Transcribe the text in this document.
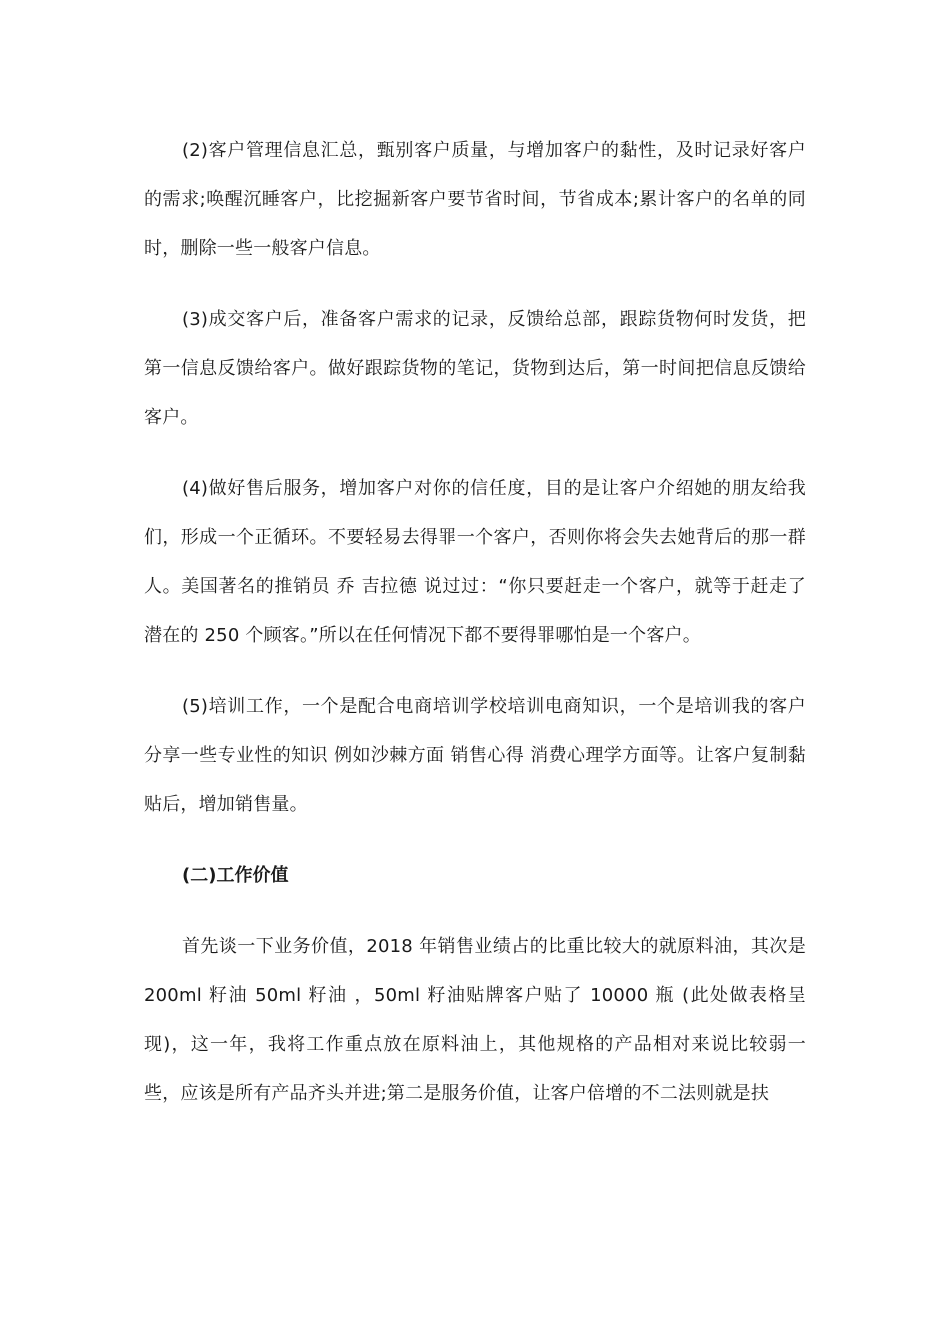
(2)客户管理信息汇总，甄别客户质量，与增加客户的黏性，及时记录好客户的需求;唤醒沉睡客户，比挖掘新客户要节省时间，节省成本;累计客户的名单的同时，删除一些一般客户信息。

(3)成交客户后，准备客户需求的记录，反馈给总部，跟踪货物何时发货，把第一信息反馈给客户。做好跟踪货物的笔记，货物到达后，第一时间把信息反馈给客户。

(4)做好售后服务，增加客户对你的信任度，目的是让客户介绍她的朋友给我们，形成一个正循环。不要轻易去得罪一个客户，否则你将会失去她背后的那一群人。美国著名的推销员 乔 吉拉德 说过过：“你只要赶走一个客户，就等于赶走了潜在的 250 个顾客。”所以在任何情况下都不要得罪哪怕是一个客户。

(5)培训工作，一个是配合电商培训学校培训电商知识，一个是培训我的客户分享一些专业性的知识 例如沙棘方面 销售心得 消费心理学方面等。让客户复制黏贴后，增加销售量。

(二)工作价值

首先谈一下业务价值，2018 年销售业绩占的比重比较大的就原料油，其次是 200ml 籽油 50ml 籽油 ，50ml 籽油贴牌客户贴了 10000 瓶 (此处做表格呈现)，这一年，我将工作重点放在原料油上，其他规格的产品相对来说比较弱一些，应该是所有产品齐头并进;第二是服务价值，让客户倍增的不二法则就是扶
